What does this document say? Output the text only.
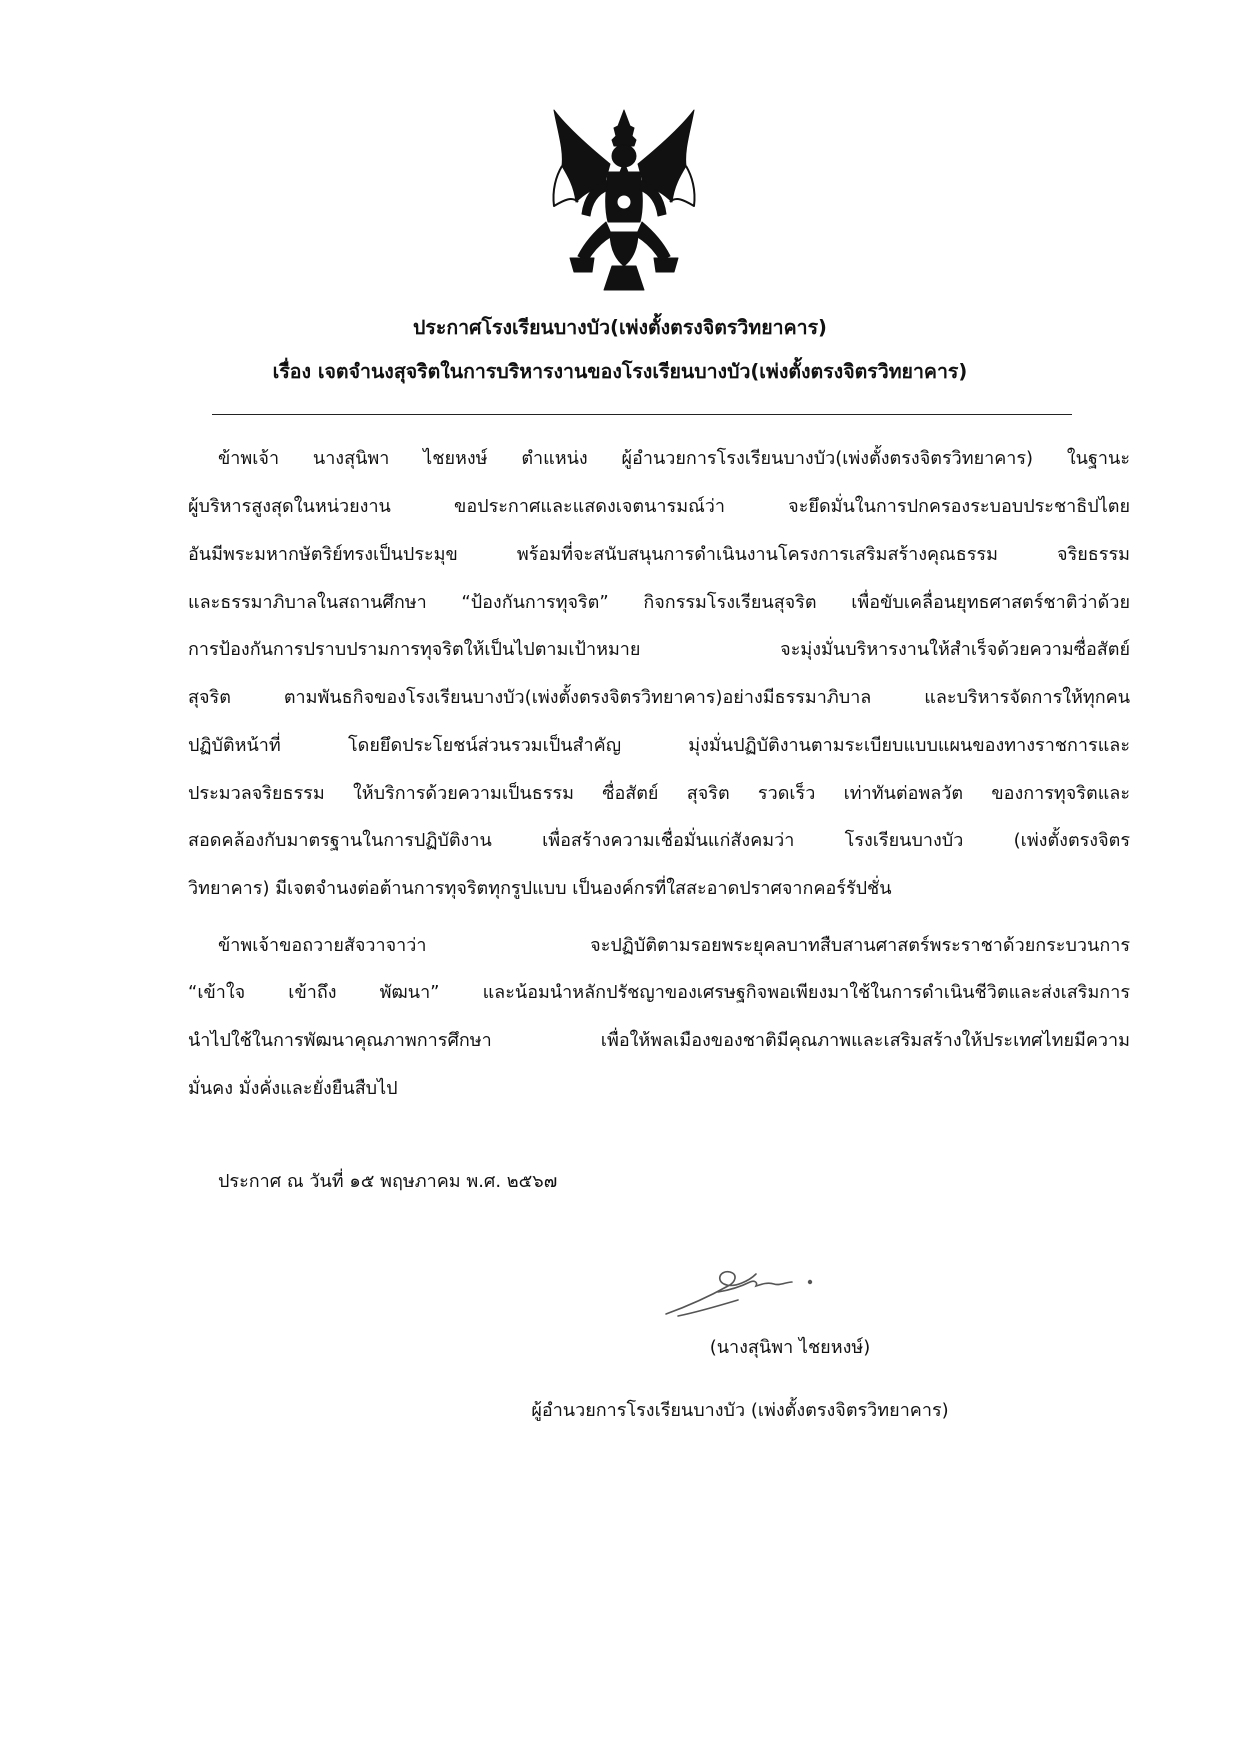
ประกาศโรงเรียนบางบัว(เพ่งตั้งตรงจิตรวิทยาคาร)
เรื่อง เจตจำนงสุจริตในการบริหารงานของโรงเรียนบางบัว(เพ่งตั้งตรงจิตรวิทยาคาร)
ข้าพเจ้า นางสุนิพา ไชยหงษ์ ตำแหน่ง ผู้อำนวยการโรงเรียนบางบัว(เพ่งตั้งตรงจิตรวิทยาคาร) ในฐานะ
ผู้บริหารสูงสุดในหน่วยงาน ขอประกาศและแสดงเจตนารมณ์ว่า จะยึดมั่นในการปกครองระบอบประชาธิปไตย
อันมีพระมหากษัตริย์ทรงเป็นประมุข พร้อมที่จะสนับสนุนการดำเนินงานโครงการเสริมสร้างคุณธรรม จริยธรรม
และธรรมาภิบาลในสถานศึกษา “ป้องกันการทุจริต” กิจกรรมโรงเรียนสุจริต เพื่อขับเคลื่อนยุทธศาสตร์ชาติว่าด้วย
การป้องกันการปราบปรามการทุจริตให้เป็นไปตามเป้าหมาย จะมุ่งมั่นบริหารงานให้สำเร็จด้วยความซื่อสัตย์
สุจริต ตามพันธกิจของโรงเรียนบางบัว(เพ่งตั้งตรงจิตรวิทยาคาร)อย่างมีธรรมาภิบาล และบริหารจัดการให้ทุกคน
ปฏิบัติหน้าที่ โดยยึดประโยชน์ส่วนรวมเป็นสำคัญ มุ่งมั่นปฏิบัติงานตามระเบียบแบบแผนของทางราชการและ
ประมวลจริยธรรม ให้บริการด้วยความเป็นธรรม ซื่อสัตย์ สุจริต รวดเร็ว เท่าทันต่อพลวัต ของการทุจริตและ
สอดคล้องกับมาตรฐานในการปฏิบัติงาน เพื่อสร้างความเชื่อมั่นแก่สังคมว่า โรงเรียนบางบัว (เพ่งตั้งตรงจิตร
วิทยาคาร) มีเจตจำนงต่อต้านการทุจริตทุกรูปแบบ เป็นองค์กรที่ใสสะอาดปราศจากคอร์รัปชั่น
ข้าพเจ้าขอถวายสัจวาจาว่า จะปฏิบัติตามรอยพระยุคลบาทสืบสานศาสตร์พระราชาด้วยกระบวนการ
“เข้าใจ เข้าถึง พัฒนา” และน้อมนำหลักปรัชญาของเศรษฐกิจพอเพียงมาใช้ในการดำเนินชีวิตและส่งเสริมการ
นำไปใช้ในการพัฒนาคุณภาพการศึกษา เพื่อให้พลเมืองของชาติมีคุณภาพและเสริมสร้างให้ประเทศไทยมีความ
มั่นคง มั่งคั่งและยั่งยืนสืบไป
ประกาศ ณ วันที่ ๑๕ พฤษภาคม พ.ศ. ๒๕๖๗
(นางสุนิพา ไชยหงษ์)
ผู้อำนวยการโรงเรียนบางบัว (เพ่งตั้งตรงจิตรวิทยาคาร)
